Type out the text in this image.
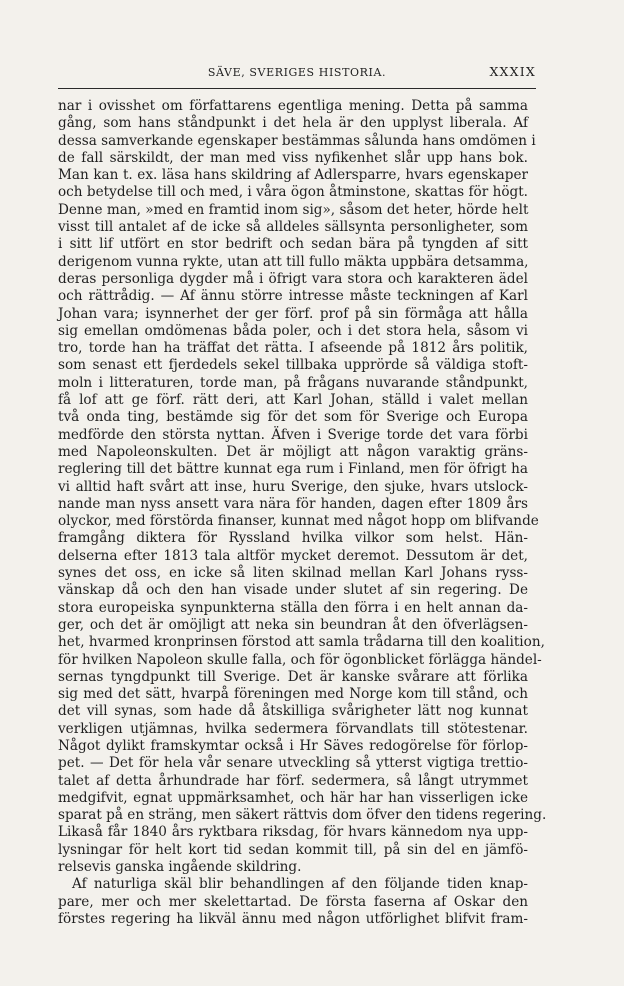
SÄVE, SVERIGES HISTORIA.	XXXIX
nar i ovisshet om författarens egentliga mening. Detta på samma
gång, som hans ståndpunkt i det hela är den upplyst liberala. Af
dessa samverkande egenskaper bestämmas sålunda hans omdömen i
de fall särskildt, der man med viss nyfikenhet slår upp hans bok.
Man kan t. ex. läsa hans skildring af Adlersparre, hvars egenskaper
och betydelse till och med, i våra ögon åtminstone, skattas för högt.
Denne man, »med en framtid inom sig», såsom det heter, hörde helt
visst till antalet af de icke så alldeles sällsynta personligheter, som
i sitt lif utfört en stor bedrift och sedan bära på tyngden af sitt
derigenom vunna rykte, utan att till fullo mäkta uppbära detsamma,
deras personliga dygder må i öfrigt vara stora och karakteren ädel
och rättrådig. — Af ännu större intresse måste teckningen af Karl
Johan vara; isynnerhet der ger förf. prof på sin förmåga att hålla
sig emellan omdömenas båda poler, och i det stora hela, såsom vi
tro, torde han ha träffat det rätta. I afseende på 1812 års politik,
som senast ett fjerdedels sekel tillbaka upprörde så väldiga stoft-
moln i litteraturen, torde man, på frågans nuvarande ståndpunkt,
få lof att ge förf. rätt deri, att Karl Johan, ställd i valet mellan
två onda ting, bestämde sig för det som för Sverige och Europa
medförde den största nyttan. Äfven i Sverige torde det vara förbi
med Napoleonskulten. Det är möjligt att någon varaktig gräns-
reglering till det bättre kunnat ega rum i Finland, men för öfrigt ha
vi alltid haft svårt att inse, huru Sverige, den sjuke, hvars utslock-
nande man nyss ansett vara nära för handen, dagen efter 1809 års
olyckor, med förstörda finanser, kunnat med något hopp om blifvande
framgång diktera för Ryssland hvilka vilkor som helst. Hän-
delserna efter 1813 tala altför mycket deremot. Dessutom är det,
synes det oss, en icke så liten skilnad mellan Karl Johans ryss-
vänskap då och den han visade under slutet af sin regering. De
stora europeiska synpunkterna ställa den förra i en helt annan da-
ger, och det är omöjligt att neka sin beundran åt den öfverlägsen-
het, hvarmed kronprinsen förstod att samla trådarna till den koalition,
för hvilken Napoleon skulle falla, och för ögonblicket förlägga händel-
sernas tyngdpunkt till Sverige. Det är kanske svårare att förlika
sig med det sätt, hvarpå föreningen med Norge kom till stånd, och
det vill synas, som hade då åtskilliga svårigheter lätt nog kunnat
verkligen utjämnas, hvilka sedermera förvandlats till stötestenar.
Något dylikt framskymtar också i Hr Säves redogörelse för förlop-
pet. — Det för hela vår senare utveckling så ytterst vigtiga trettio-
talet af detta århundrade har förf. sedermera, så långt utrymmet
medgifvit, egnat uppmärksamhet, och här har han visserligen icke
sparat på en sträng, men säkert rättvis dom öfver den tidens regering.
Likaså får 1840 års ryktbara riksdag, för hvars kännedom nya upp-
lysningar för helt kort tid sedan kommit till, på sin del en jämfö-
relsevis ganska ingående skildring.
Af naturliga skäl blir behandlingen af den följande tiden knap-
pare, mer och mer skelettartad. De första faserna af Oskar den
förstes regering ha likväl ännu med någon utförlighet blifvit fram-
